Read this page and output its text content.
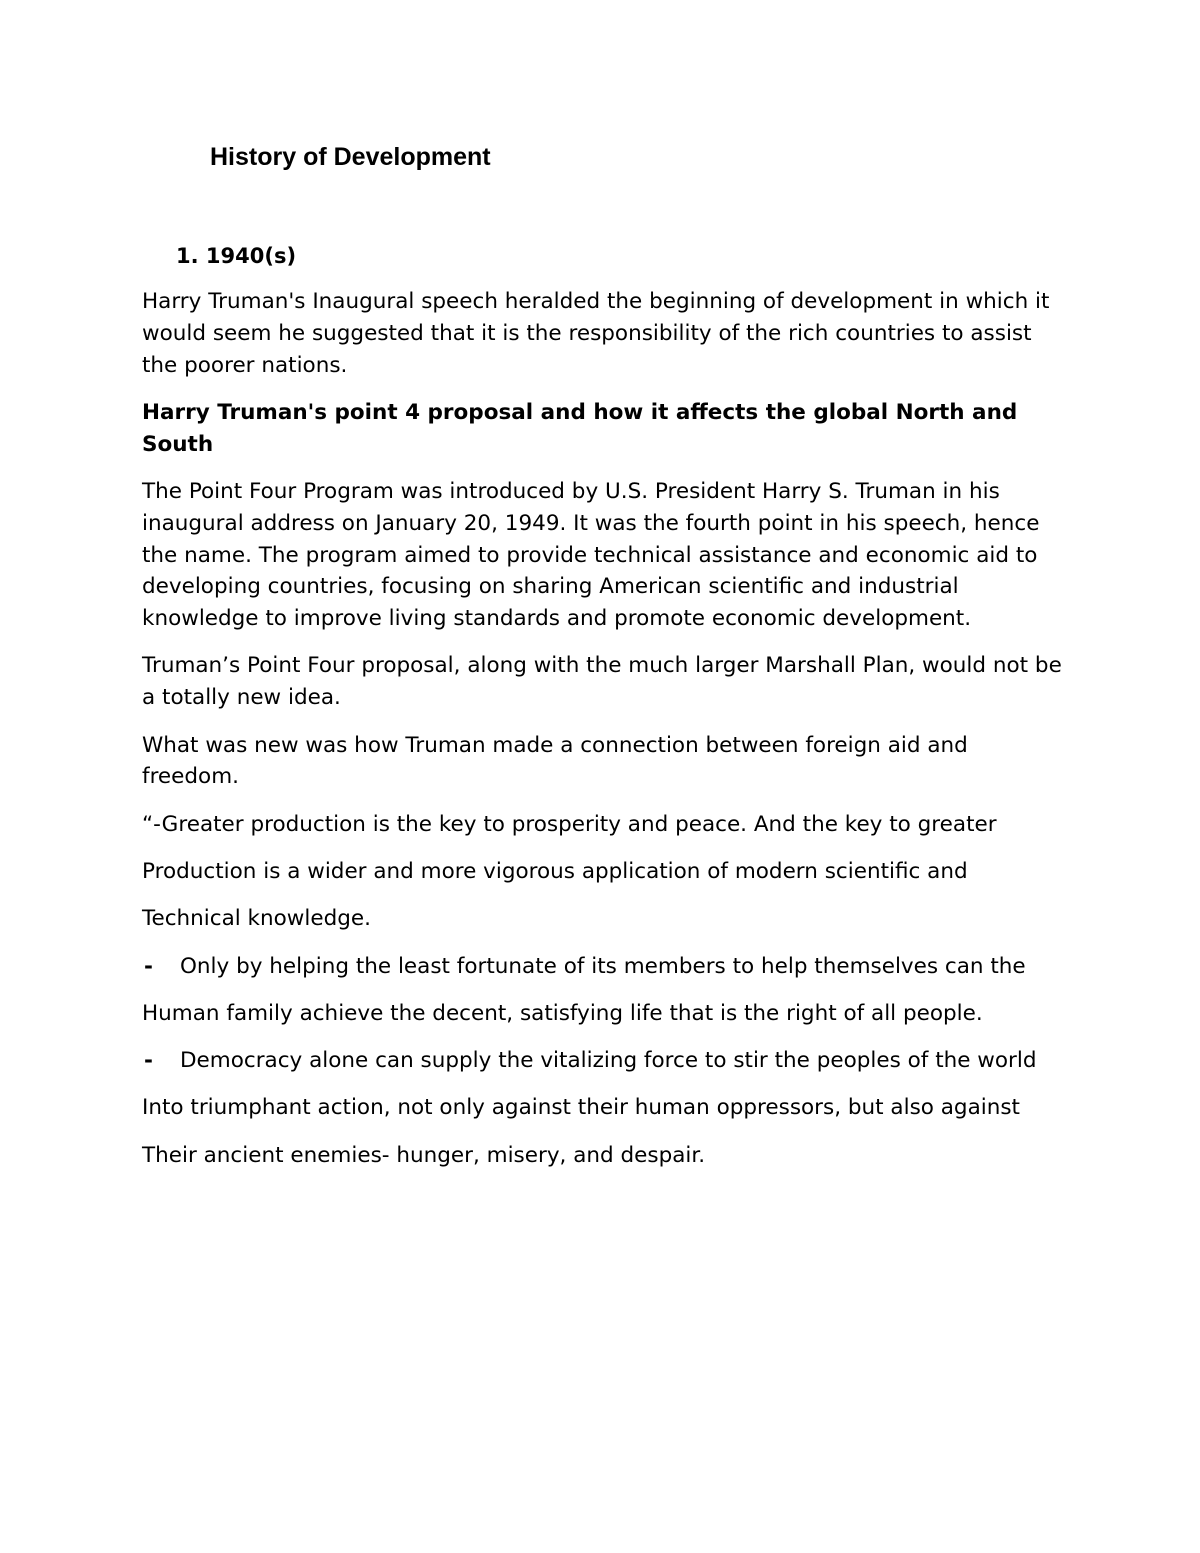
History of Development
1. 1940(s)

Harry Truman's Inaugural speech heralded the beginning of development in which it would seem he suggested that it is the responsibility of the rich countries to assist the poorer nations.

Harry Truman's point 4 proposal and how it affects the global North and South

The Point Four Program was introduced by U.S. President Harry S. Truman in his inaugural address on January 20, 1949. It was the fourth point in his speech, hence the name. The program aimed to provide technical assistance and economic aid to developing countries, focusing on sharing American scientific and industrial knowledge to improve living standards and promote economic development.

Truman’s Point Four proposal, along with the much larger Marshall Plan, would not be a totally new idea.

What was new was how Truman made a connection between foreign aid and freedom.

“-Greater production is the key to prosperity and peace. And the key to greater

Production is a wider and more vigorous application of modern scientific and

Technical knowledge.

- Only by helping the least fortunate of its members to help themselves can the

Human family achieve the decent, satisfying life that is the right of all people.

- Democracy alone can supply the vitalizing force to stir the peoples of the world

Into triumphant action, not only against their human oppressors, but also against

Their ancient enemies- hunger, misery, and despair.
